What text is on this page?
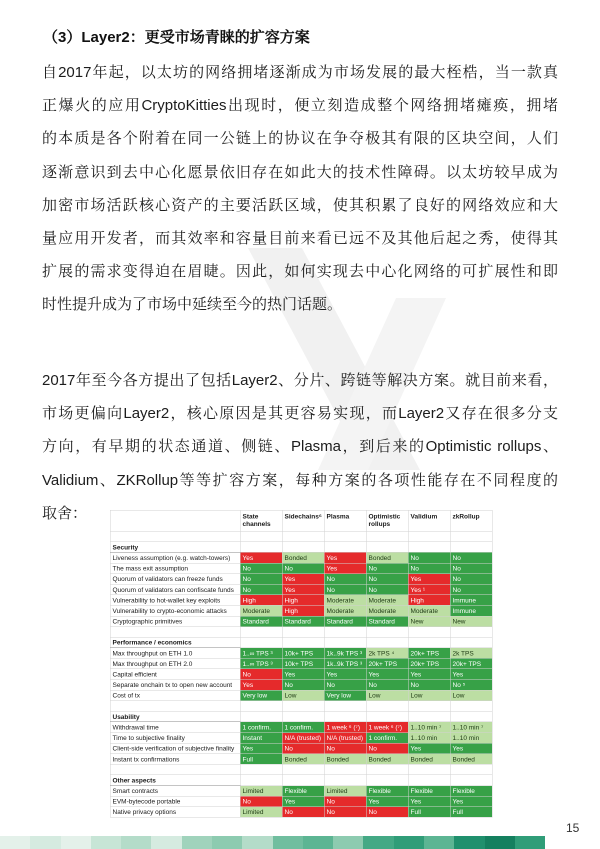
（3）Layer2：更受市场青睐的扩容方案
自2017年起，以太坊的网络拥堵逐渐成为市场发展的最大桎梏，当一款真
正爆火的应用CryptoKitties出现时，便立刻造成整个网络拥堵瘫痪，拥堵
的本质是各个附着在同一公链上的协议在争夺极其有限的区块空间，人们
逐渐意识到去中心化愿景依旧存在如此大的技术性障碍。以太坊较早成为
加密市场活跃核心资产的主要活跃区域，使其积累了良好的网络效应和大
量应用开发者，而其效率和容量目前来看已远不及其他后起之秀，使得其
扩展的需求变得迫在眉睫。因此，如何实现去中心化网络的可扩展性和即
时性提升成为了市场中延续至今的热门话题。
2017年至今各方提出了包括Layer2、分片、跨链等解决方案。就目前来看，
市场更偏向Layer2，核心原因是其更容易实现，而Layer2又存在很多分支
方向，有早期的状态通道、侧链、Plasma，到后来的Optimistic rollups、
Validium、ZKRollup等等扩容方案，每种方案的各项性能存在不同程度的
取舍：
		State channels	Sidechains⁶	Plasma	Optimistic rollups	Validium	zkRollup

Security						
Liveness assumption (e.g. watch-towers)	Yes	Bonded	Yes	Bonded	No	No
The mass exit assumption	No	No	Yes	No	No	No
Quorum of validators can freeze funds	No	Yes	No	No	Yes	No
Quorum of validators can confiscate funds	No	Yes	No	No	Yes ¹	No
Vulnerability to hot-wallet key exploits	High	High	Moderate	Moderate	High	Immune
Vulnerability to crypto-economic attacks	Moderate	High	Moderate	Moderate	Moderate	Immune
Cryptographic primitives	Standard	Standard	Standard	Standard	New	New

Performance / economics						
Max throughput on ETH 1.0	1..∞ TPS ³	10k+ TPS	1k..9k TPS ³	2k TPS ⁴	20k+ TPS	2k TPS
Max throughput on ETH 2.0	1..∞ TPS ³	10k+ TPS	1k..9k TPS ³	20k+ TPS	20k+ TPS	20k+ TPS
Capital efficient	No	Yes	Yes	Yes	Yes	Yes
Separate onchain tx to open new account	Yes	No	No	No	No	No ⁵
Cost of tx	Very low	Low	Very low	Low	Low	Low

Usability						
Withdrawal time	1 confirm.	1 confirm.	1 week ⁶ (⁷)	1 week ⁶ (⁷)	1..10 min ⁷	1..10 min ⁷
Time to subjective finality	Instant	N/A (trusted)	N/A (trusted)	1 confirm.	1..10 min	1..10 min
Client-side verification of subjective finality	Yes	No	No	No	Yes	Yes
Instant tx confirmations	Full	Bonded	Bonded	Bonded	Bonded	Bonded

Other aspects						
Smart contracts	Limited	Flexible	Limited	Flexible	Flexible	Flexible
EVM-bytecode portable	No	Yes	No	Yes	Yes	Yes
Native privacy options	Limited	No	No	No	Full	Full
15
